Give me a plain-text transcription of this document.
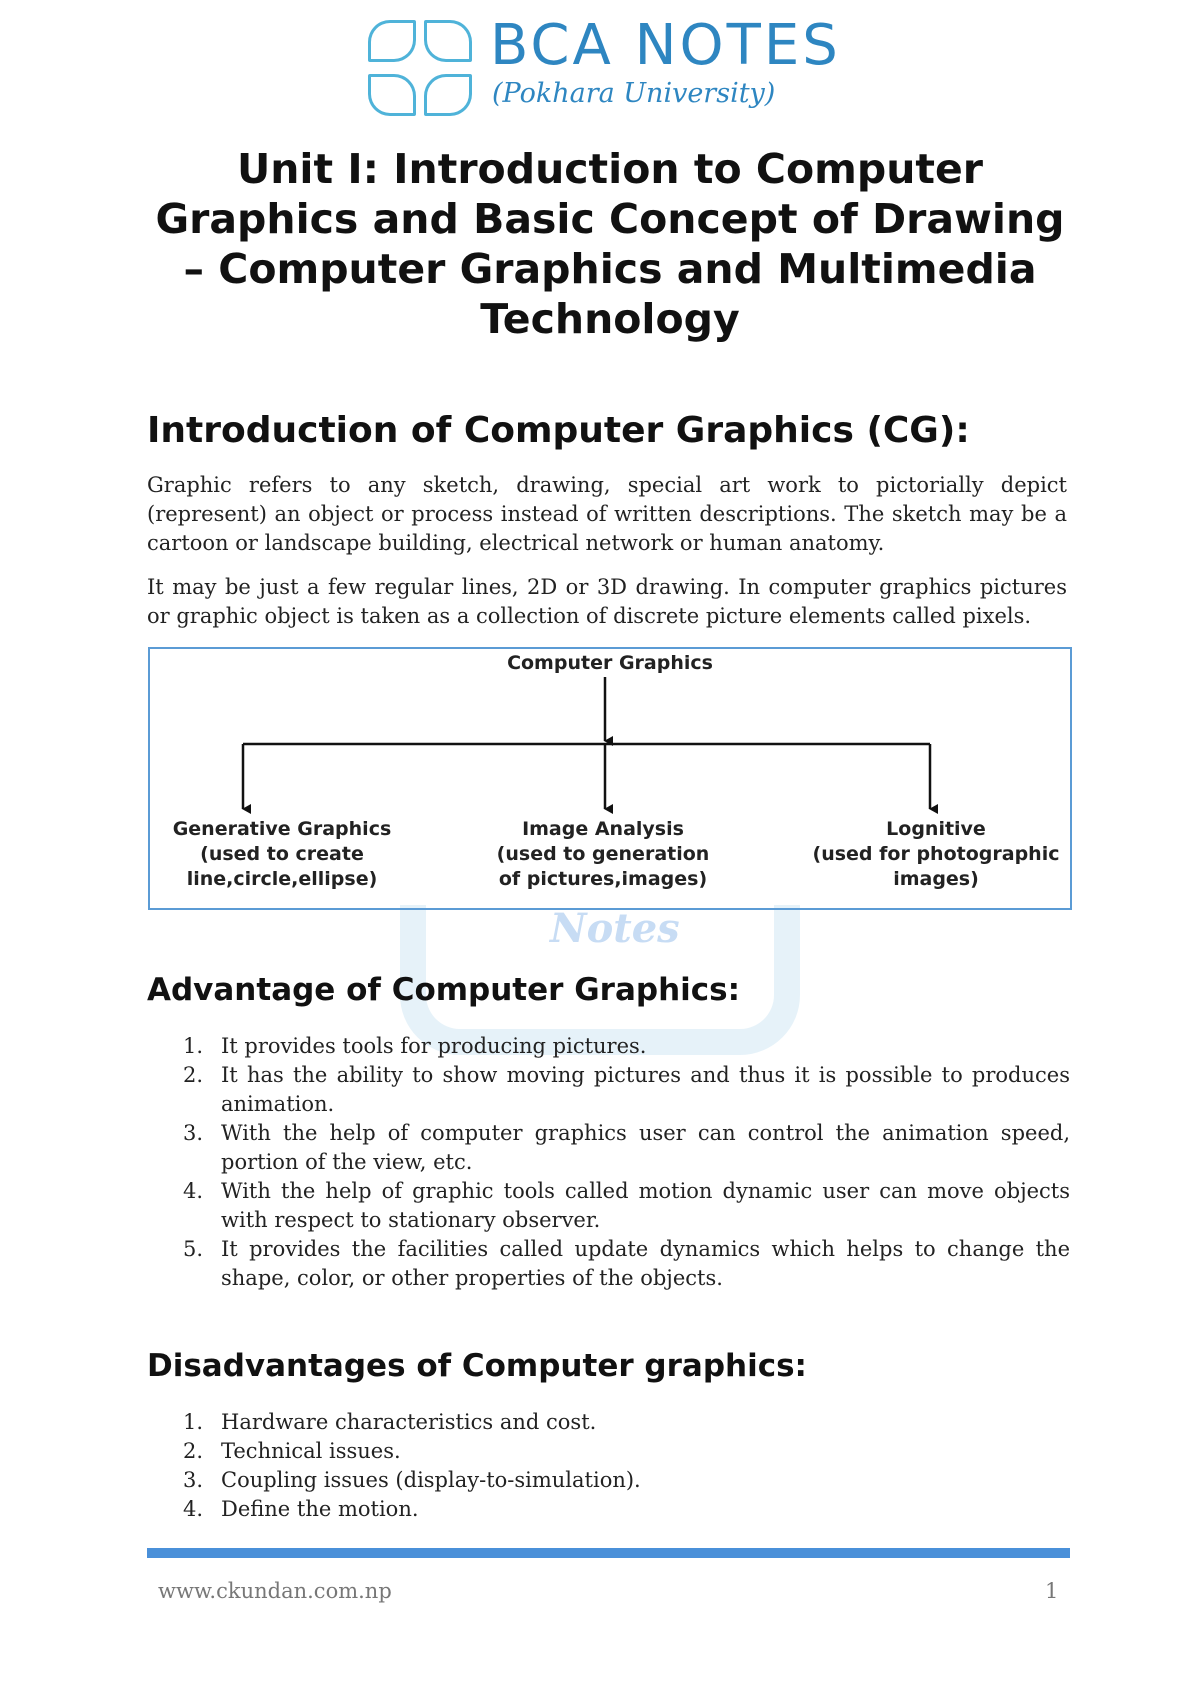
BCA NOTES
(Pokhara University)
Unit I: Introduction to Computer Graphics and Basic Concept of Drawing – Computer Graphics and Multimedia Technology
Introduction of Computer Graphics (CG):

Graphic refers to any sketch, drawing, special art work to pictorially depict (represent) an object or process instead of written descriptions. The sketch may be a cartoon or landscape building, electrical network or human anatomy.

It may be just a few regular lines, 2D or 3D drawing. In computer graphics pictures or graphic object is taken as a collection of discrete picture elements called pixels.

Notes
Computer Graphics
Generative Graphics
(used to create
line,circle,ellipse)
Image Analysis
(used to generation
of pictures,images)
Lognitive
(used for photographic
images)
Advantage of Computer Graphics:
1. It provides tools for producing pictures.
2. It has the ability to show moving pictures and thus it is possible to produces animation.
3. With the help of computer graphics user can control the animation speed, portion of the view, etc.
4. With the help of graphic tools called motion dynamic user can move objects with respect to stationary observer.
5. It provides the facilities called update dynamics which helps to change the shape, color, or other properties of the objects.
Disadvantages of Computer graphics:
1. Hardware characteristics and cost.
2. Technical issues.
3. Coupling issues (display-to-simulation).
4. Define the motion.
www.ckundan.com.np	1
